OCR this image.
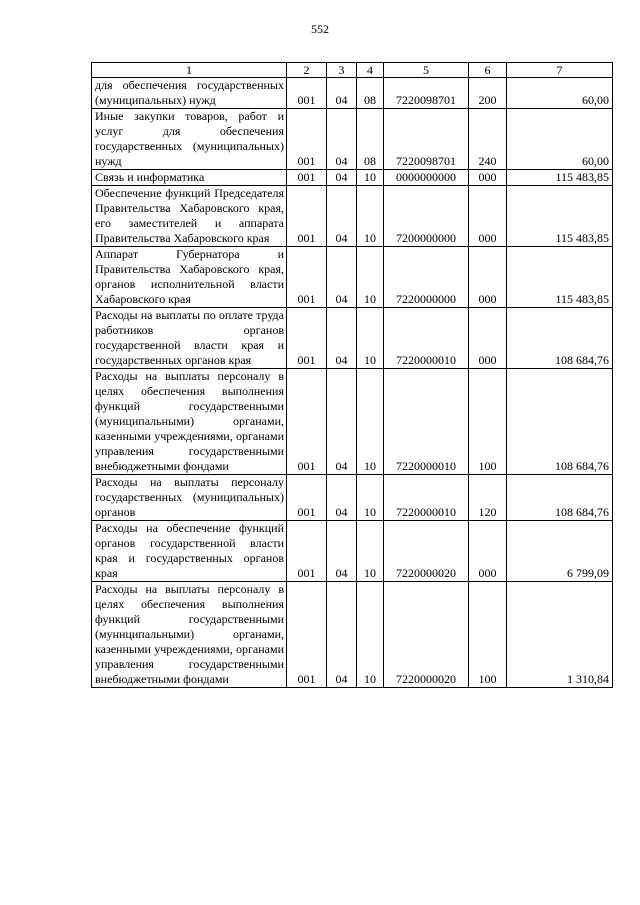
552
1	2	3	4	5	6	7
для обеспечения государственных (муниципальных) нужд	001	04	08	7220098701	200	60,00
Иные закупки товаров, работ и услуг для обеспечения государственных (муниципальных) нужд	001	04	08	7220098701	240	60,00
Связь и информатика	001	04	10	0000000000	000	115 483,85
Обеспечение функций Председателя Правительства Хабаровского края, его заместителей и аппарата Правительства Хабаровского края	001	04	10	7200000000	000	115 483,85
Аппарат Губернатора и Правительства Хабаровского края, органов исполнительной власти Хабаровского края	001	04	10	7220000000	000	115 483,85
Расходы на выплаты по оплате труда работников органов государственной власти края и государственных органов края	001	04	10	7220000010	000	108 684,76
Расходы на выплаты персоналу в целях обеспечения выполнения функций государственными (муниципальными) органами, казенными учреждениями, органами управления государственными внебюджетными фондами	001	04	10	7220000010	100	108 684,76
Расходы на выплаты персоналу государственных (муниципальных) органов	001	04	10	7220000010	120	108 684,76
Расходы на обеспечение функций органов государственной власти края и государственных органов края	001	04	10	7220000020	000	6 799,09
Расходы на выплаты персоналу в целях обеспечения выполнения функций государственными (муниципальными) органами, казенными учреждениями, органами управления государственными внебюджетными фондами	001	04	10	7220000020	100	1 310,84
